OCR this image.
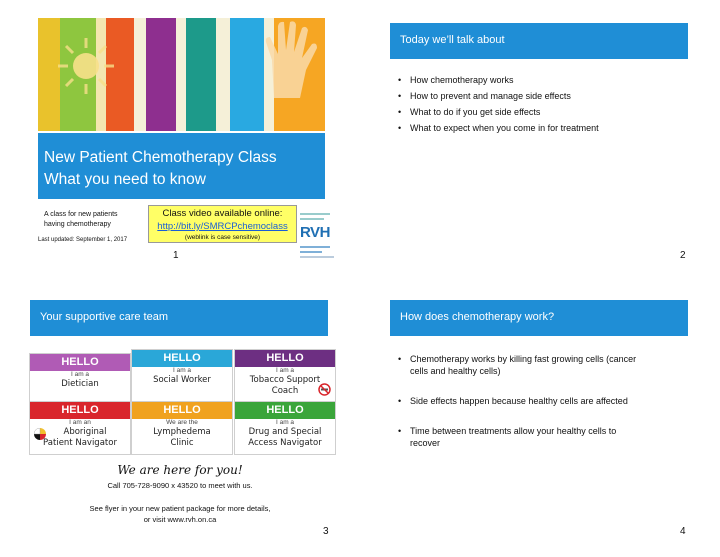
New Patient Chemotherapy Class
What you need to know
A class for new patients
having chemotherapy
Last updated: September 1, 2017
Class video available online:
http://bit.ly/SMRCPchemoclass
(weblink is case sensitive)	RVH
1
Today we’ll talk about
• How chemotherapy works
• How to prevent and manage side effects
• What to do if you get side effects
• What to expect when you come in for treatment
2
Your supportive care team
HELLO
I am a
Dietician
HELLO
I am a
Social Worker
HELLO
I am a
Tobacco Support
Coach
HELLO
I am an
Aboriginal
Patient Navigator
HELLO
We are the
Lymphedema
Clinic
HELLO
I am a
Drug and Special
Access Navigator
We are here for you!
Call 705-728-9090 x 43520 to meet with us.
See flyer in your new patient package for more details,
or visit www.rvh.on.ca
3
How does chemotherapy work?
• Chemotherapy works by killing fast growing cells (cancer
cells and healthy cells)
• Side effects happen because healthy cells are affected
• Time between treatments allow your healthy cells to
recover
4
